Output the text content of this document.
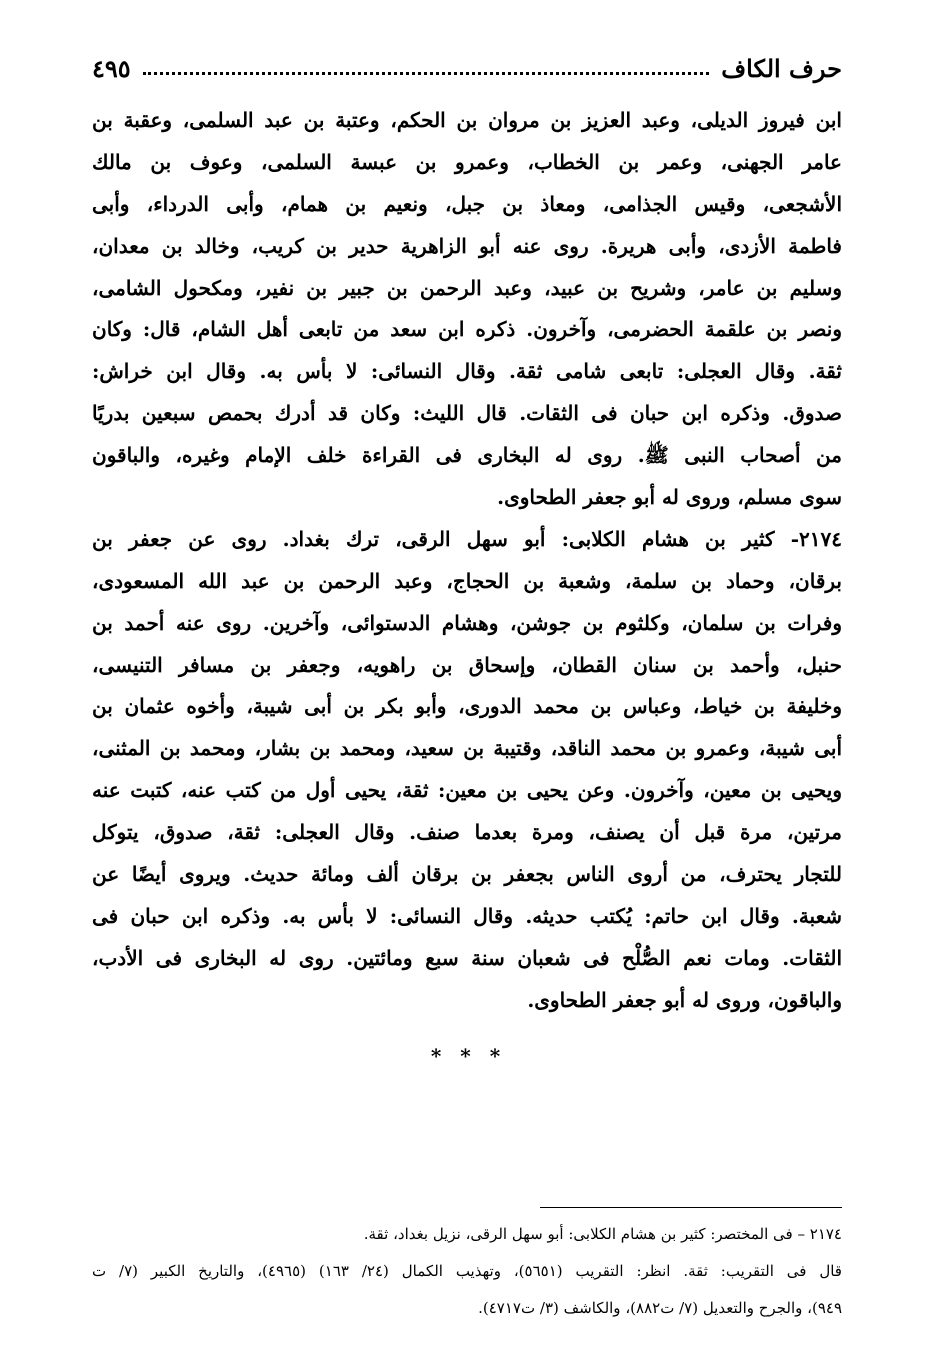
حرف الكاف
٤٩٥
ابن فيروز الديلى، وعبد العزيز بن مروان بن الحكم، وعتبة بن عبد السلمى، وعقبة بن
عامر الجهنى، وعمر بن الخطاب، وعمرو بن عبسة السلمى، وعوف بن مالك
الأشجعى، وقيس الجذامى، ومعاذ بن جبل، ونعيم بن همام، وأبى الدرداء، وأبى
فاطمة الأزدى، وأبى هريرة. روى عنه أبو الزاهرية حدير بن كريب، وخالد بن معدان،
وسليم بن عامر، وشريح بن عبيد، وعبد الرحمن بن جبير بن نفير، ومكحول الشامى،
ونصر بن علقمة الحضرمى، وآخرون. ذكره ابن سعد من تابعى أهل الشام، قال: وكان
ثقة. وقال العجلى: تابعى شامى ثقة. وقال النسائى: لا بأس به. وقال ابن خراش:
صدوق. وذكره ابن حبان فى الثقات. قال الليث: وكان قد أدرك بحمص سبعين بدريًا
من أصحاب النبى ﷺ. روى له البخارى فى القراءة خلف الإمام وغيره، والباقون
سوى مسلم، وروى له أبو جعفر الطحاوى.
٢١٧٤- كثير بن هشام الكلابى: أبو سهل الرقى، ترك بغداد. روى عن جعفر بن
برقان، وحماد بن سلمة، وشعبة بن الحجاج، وعبد الرحمن بن عبد الله المسعودى،
وفرات بن سلمان، وكلثوم بن جوشن، وهشام الدستوائى، وآخرين. روى عنه أحمد بن
حنبل، وأحمد بن سنان القطان، وإسحاق بن راهويه، وجعفر بن مسافر التنيسى،
وخليفة بن خياط، وعباس بن محمد الدورى، وأبو بكر بن أبى شيبة، وأخوه عثمان بن
أبى شيبة، وعمرو بن محمد الناقد، وقتيبة بن سعيد، ومحمد بن بشار، ومحمد بن المثنى،
ويحيى بن معين، وآخرون. وعن يحيى بن معين: ثقة، يحيى أول من كتب عنه، كتبت عنه
مرتين، مرة قبل أن يصنف، ومرة بعدما صنف. وقال العجلى: ثقة، صدوق، يتوكل
للتجار يحترف، من أروى الناس بجعفر بن برقان ألف ومائة حديث. ويروى أيضًا عن
شعبة. وقال ابن حاتم: يُكتب حديثه. وقال النسائى: لا بأس به. وذكره ابن حبان فى
الثقات. ومات نعم الصُّلْح فى شعبان سنة سبع ومائتين. روى له البخارى فى الأدب،
والباقون، وروى له أبو جعفر الطحاوى.
* * *
٢١٧٤ – فى المختصر: كثير بن هشام الكلابى: أبو سهل الرقى، نزيل بغداد، ثقة.
قال فى التقريب: ثقة. انظر: التقريب (٥٦٥١)، وتهذيب الكمال (٢٤/ ١٦٣) (٤٩٦٥)، والتاريخ الكبير (٧/ ت
٩٤٩)، والجرح والتعديل (٧/ ت٨٨٢)، والكاشف (٣/ ت٤٧١٧).
